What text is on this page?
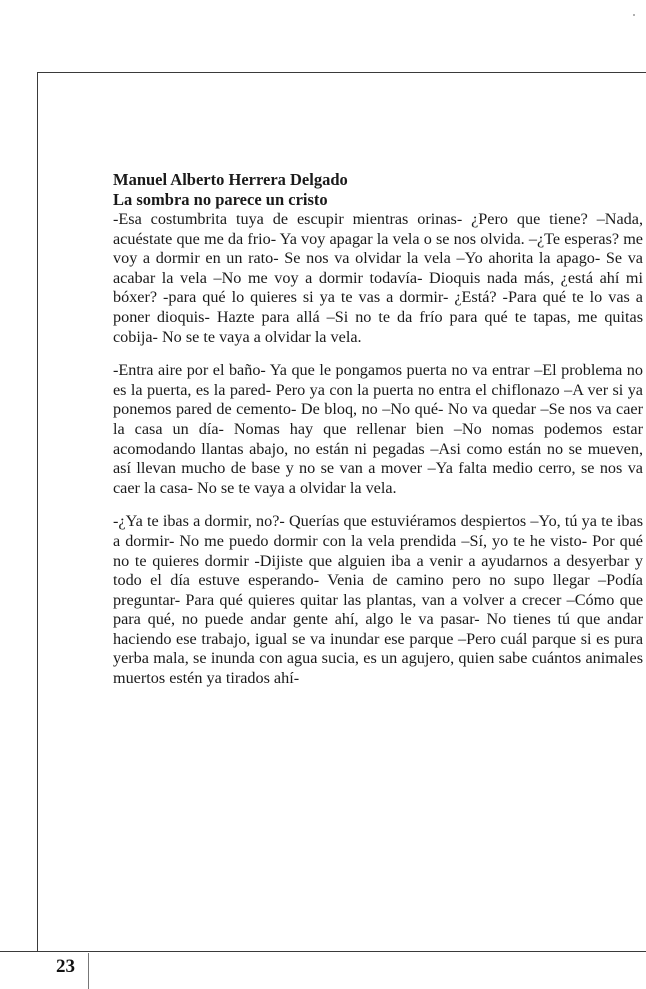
Manuel Alberto Herrera Delgado

La sombra no parece un cristo

-Esa costumbrita tuya de escupir mientras orinas- ¿Pero que tiene? –Nada, acuéstate que me da frio- Ya voy apagar la vela o se nos olvida. –¿Te esperas? me voy a dormir en un rato- Se nos va olvidar la vela –Yo ahorita la apago- Se va acabar la vela –No me voy a dormir todavía- Dioquis nada más, ¿está ahí mi bóxer? -para qué lo quieres si ya te vas a dormir- ¿Está? -Para qué te lo vas a poner dioquis- Hazte para allá –Si no te da frío para qué te tapas, me quitas cobija- No se te vaya a olvidar la vela.

-Entra aire por el baño- Ya que le pongamos puerta no va entrar –El problema no es la puerta, es la pared- Pero ya con la puerta no entra el chiflonazo –A ver si ya ponemos pared de cemento- De bloq, no –No qué- No va quedar –Se nos va caer la casa un día- Nomas hay que rellenar bien –No nomas podemos estar acomodando llantas abajo, no están ni pegadas –Asi como están no se mueven, así llevan mucho de base y no se van a mover –Ya falta medio cerro, se nos va caer la casa- No se te vaya a olvidar la vela.

-¿Ya te ibas a dormir, no?- Querías que estuviéramos despiertos –Yo, tú ya te ibas a dormir- No me puedo dormir con la vela prendida –Sí, yo te he visto- Por qué no te quieres dormir -Dijiste que alguien iba a venir a ayudarnos a desyerbar y todo el día estuve esperando- Venia de camino pero no supo llegar –Podía preguntar- Para qué quieres quitar las plantas, van a volver a crecer –Cómo que para qué, no puede andar gente ahí, algo le va pasar- No tienes tú que andar haciendo ese trabajo, igual se va inundar ese parque –Pero cuál parque si es pura yerba mala, se inunda con agua sucia, es un agujero, quien sabe cuántos animales muertos estén ya tirados ahí-

23
